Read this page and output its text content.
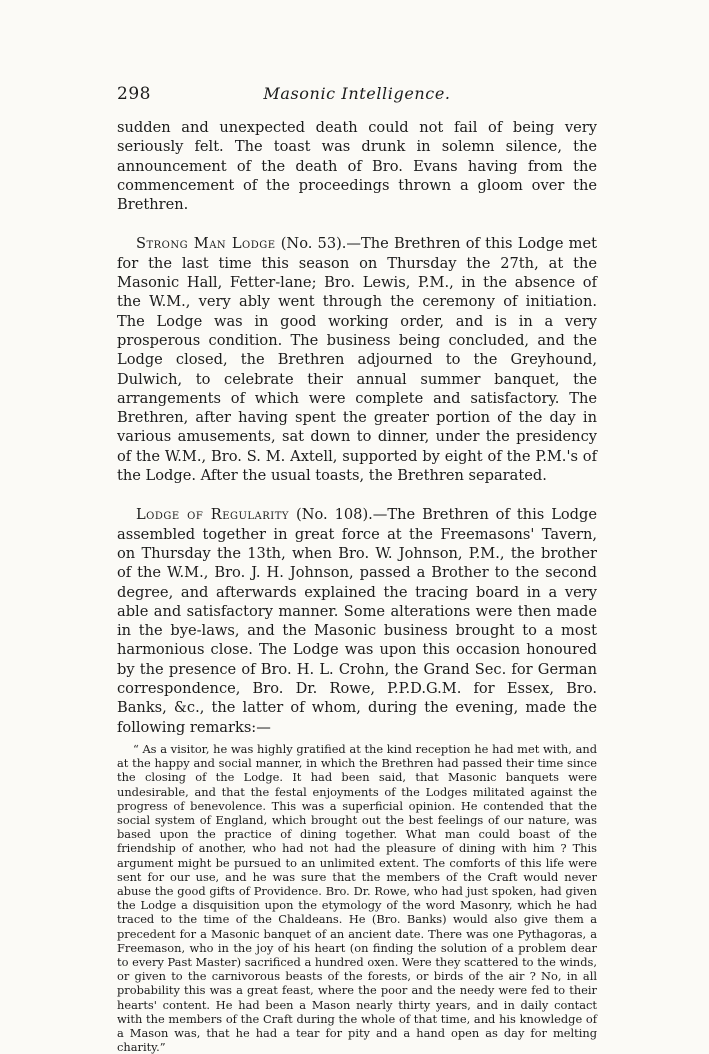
298	Masonic Intelligence.

sudden and unexpected death could not fail of being very seriously felt. The toast was drunk in solemn silence, the announcement of the death of Bro. Evans having from the commencement of the proceedings thrown a gloom over the Brethren.

Strong Man Lodge (No. 53).—The Brethren of this Lodge met for the last time this season on Thursday the 27th, at the Masonic Hall, Fetter-lane; Bro. Lewis, P.M., in the absence of the W.M., very ably went through the ceremony of initiation. The Lodge was in good working order, and is in a very prosperous condition. The business being concluded, and the Lodge closed, the Brethren adjourned to the Greyhound, Dulwich, to celebrate their annual summer banquet, the arrangements of which were complete and satisfactory. The Brethren, after having spent the greater portion of the day in various amusements, sat down to dinner, under the presidency of the W.M., Bro. S. M. Axtell, supported by eight of the P.M.'s of the Lodge. After the usual toasts, the Brethren separated.

Lodge of Regularity (No. 108).—The Brethren of this Lodge assembled together in great force at the Freemasons' Tavern, on Thursday the 13th, when Bro. W. Johnson, P.M., the brother of the W.M., Bro. J. H. Johnson, passed a Brother to the second degree, and afterwards explained the tracing board in a very able and satisfactory manner. Some alterations were then made in the bye-laws, and the Masonic business brought to a most harmonious close. The Lodge was upon this occasion honoured by the presence of Bro. H. L. Crohn, the Grand Sec. for German correspondence, Bro. Dr. Rowe, P.P.D.G.M. for Essex, Bro. Banks, &c., the latter of whom, during the evening, made the following remarks:—

“ As a visitor, he was highly gratified at the kind reception he had met with, and at the happy and social manner, in which the Brethren had passed their time since the closing of the Lodge. It had been said, that Masonic banquets were undesirable, and that the festal enjoyments of the Lodges militated against the progress of benevolence. This was a superficial opinion. He contended that the social system of England, which brought out the best feelings of our nature, was based upon the practice of dining together. What man could boast of the friendship of another, who had not had the pleasure of dining with him ? This argument might be pursued to an unlimited extent. The comforts of this life were sent for our use, and he was sure that the members of the Craft would never abuse the good gifts of Providence. Bro. Dr. Rowe, who had just spoken, had given the Lodge a disquisition upon the etymology of the word Masonry, which he had traced to the time of the Chaldeans. He (Bro. Banks) would also give them a precedent for a Masonic banquet of an ancient date. There was one Pythagoras, a Freemason, who in the joy of his heart (on finding the solution of a problem dear to every Past Master) sacrificed a hundred oxen. Were they scattered to the winds, or given to the carnivorous beasts of the forests, or birds of the air ? No, in all probability this was a great feast, where the poor and the needy were fed to their hearts' content. He had been a Mason nearly thirty years, and in daily contact with the members of the Craft during the whole of that time, and his knowledge of a Mason was, that he had a tear for pity and a hand open as day for melting charity.”
